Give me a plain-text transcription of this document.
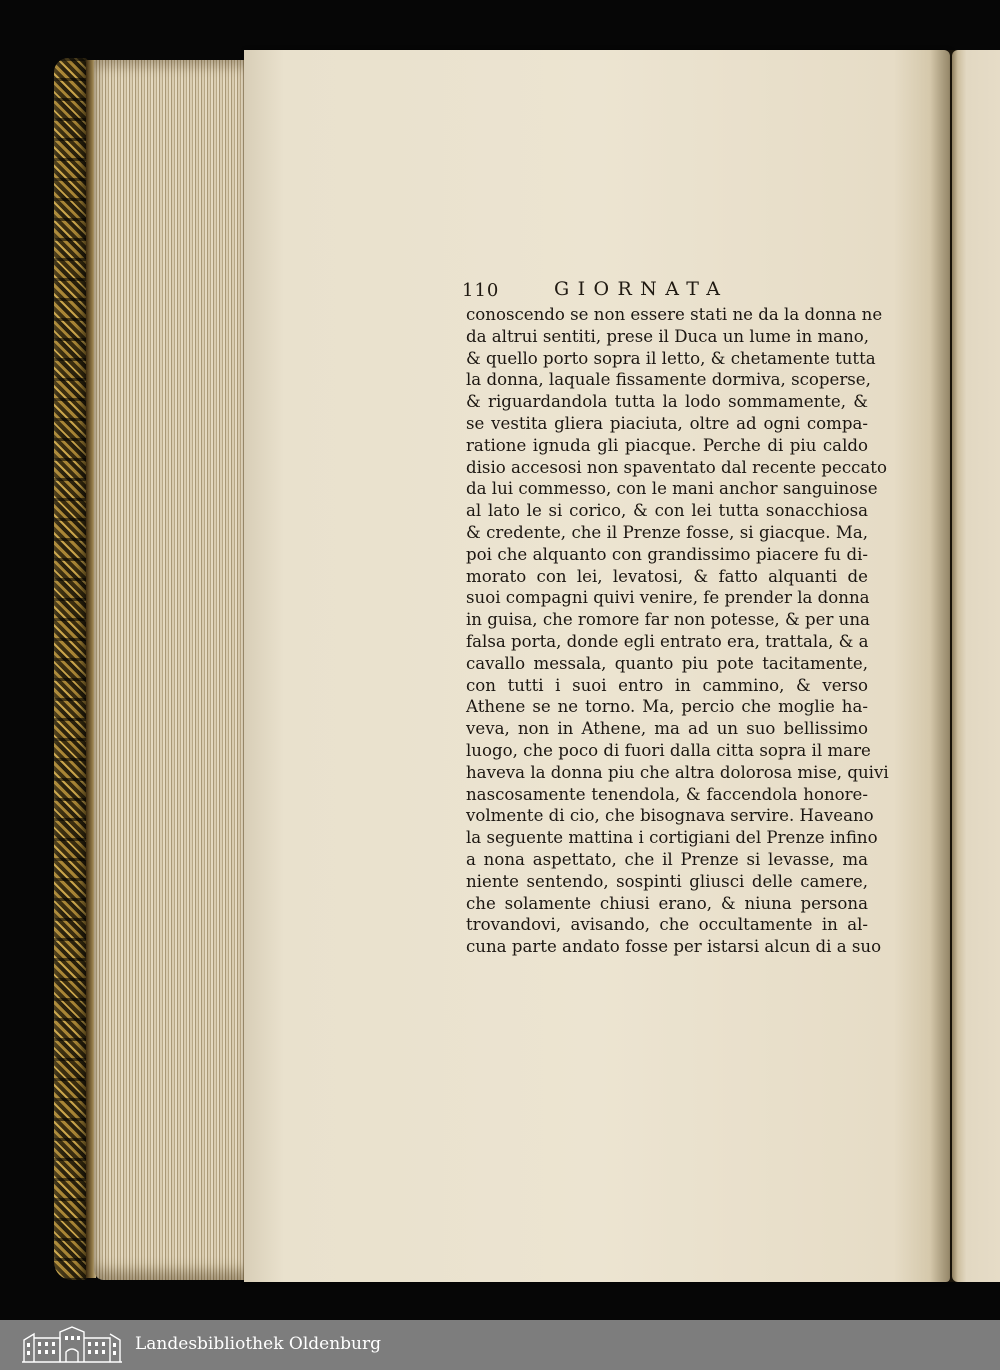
110	GIORNATA
conoscendo se non essere stati ne da la donna ne
da altrui sentiti, prese il Duca un lume in mano,
& quello porto sopra il letto, & chetamente tutta
la donna, laquale fissamente dormiva, scoperse,
& riguardandola tutta la lodo sommamente, &
se vestita gliera piaciuta, oltre ad ogni compa-
ratione ignuda gli piacque. Perche di piu caldo
disio accesosi non spaventato dal recente peccato
da lui commesso, con le mani anchor sanguinose
al lato le si corico, & con lei tutta sonacchiosa
& credente, che il Prenze fosse, si giacque. Ma,
poi che alquanto con grandissimo piacere fu di-
morato con lei, levatosi, & fatto alquanti de
suoi compagni quivi venire, fe prender la donna
in guisa, che romore far non potesse, & per una
falsa porta, donde egli entrato era, trattala, & a
cavallo messala, quanto piu pote tacitamente,
con tutti i suoi entro in cammino, & verso
Athene se ne torno. Ma, percio che moglie ha-
veva, non in Athene, ma ad un suo bellissimo
luogo, che poco di fuori dalla citta sopra il mare
haveva la donna piu che altra dolorosa mise, quivi
nascosamente tenendola, & faccendola honore-
volmente di cio, che bisognava servire. Haveano
la seguente mattina i cortigiani del Prenze infino
a nona aspettato, che il Prenze si levasse, ma
niente sentendo, sospinti gliusci delle camere,
che solamente chiusi erano, & niuna persona
trovandovi, avisando, che occultamente in al-
cuna parte andato fosse per istarsi alcun di a suo
Landesbibliothek Oldenburg
